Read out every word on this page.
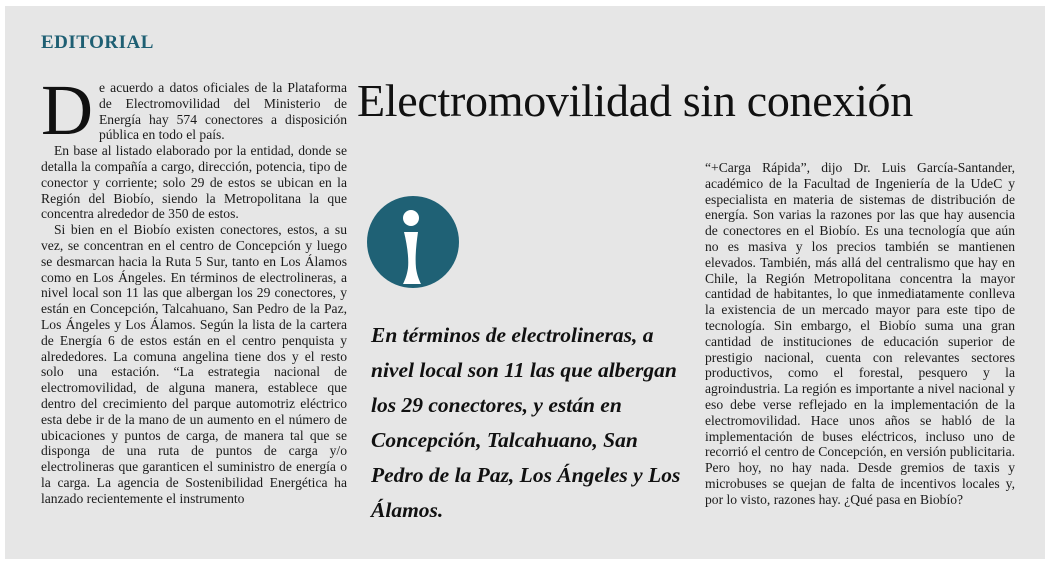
EDITORIAL
Electromovilidad sin conexión

De acuerdo a datos oficiales de la Plataforma de Electromovilidad del Ministerio de Energía hay 574 conectores a disposición pública en todo el país.

En base al listado elaborado por la entidad, donde se detalla la compañía a cargo, dirección, potencia, tipo de conector y corriente; solo 29 de estos se ubican en la Región del Biobío, siendo la Metropolitana la que concentra alrededor de 350 de estos.

Si bien en el Biobío existen conectores, estos, a su vez, se concentran en el centro de Concepción y luego se desmarcan hacia la Ruta 5 Sur, tanto en Los Álamos como en Los Ángeles. En términos de electrolineras, a nivel local son 11 las que albergan los 29 conectores, y están en Concepción, Talcahuano, San Pedro de la Paz, Los Ángeles y Los Álamos. Según la lista de la cartera de Energía 6 de estos están en el centro penquista y alrededores. La comuna angelina tiene dos y el resto solo una estación. “La estrategia nacional de electromovilidad, de alguna manera, establece que dentro del crecimiento del parque automotriz eléctrico esta debe ir de la mano de un aumento en el número de ubicaciones y puntos de carga, de manera tal que se disponga de una ruta de puntos de carga y/o electrolineras que garanticen el suministro de energía o la carga. La agencia de Sostenibilidad Energética ha lanzado recientemente el instrumento

En términos de electrolineras, a nivel local son 11 las que albergan los 29 conectores, y están en Concepción, Talcahuano, San Pedro de la Paz, Los Ángeles y Los Álamos.

“+Carga Rápida”, dijo Dr. Luis García-Santander, académico de la Facultad de Ingeniería de la UdeC y especialista en materia de sistemas de distribución de energía. Son varias la razones por las que hay ausencia de conectores en el Biobío. Es una tecnología que aún no es masiva y los precios también se mantienen elevados. También, más allá del centralismo que hay en Chile, la Región Metropolitana concentra la mayor cantidad de habitantes, lo que inmediatamente conlleva la existencia de un mercado mayor para este tipo de tecnología. Sin embargo, el Biobío suma una gran cantidad de instituciones de educación superior de prestigio nacional, cuenta con relevantes sectores productivos, como el forestal, pesquero y la agroindustria. La región es importante a nivel nacional y eso debe verse reflejado en la implementación de la electromovilidad. Hace unos años se habló de la implementación de buses eléctricos, incluso uno de recorrió el centro de Concepción, en versión publicitaria. Pero hoy, no hay nada. Desde gremios de taxis y microbuses se quejan de falta de incentivos locales y, por lo visto, razones hay. ¿Qué pasa en Biobío?
